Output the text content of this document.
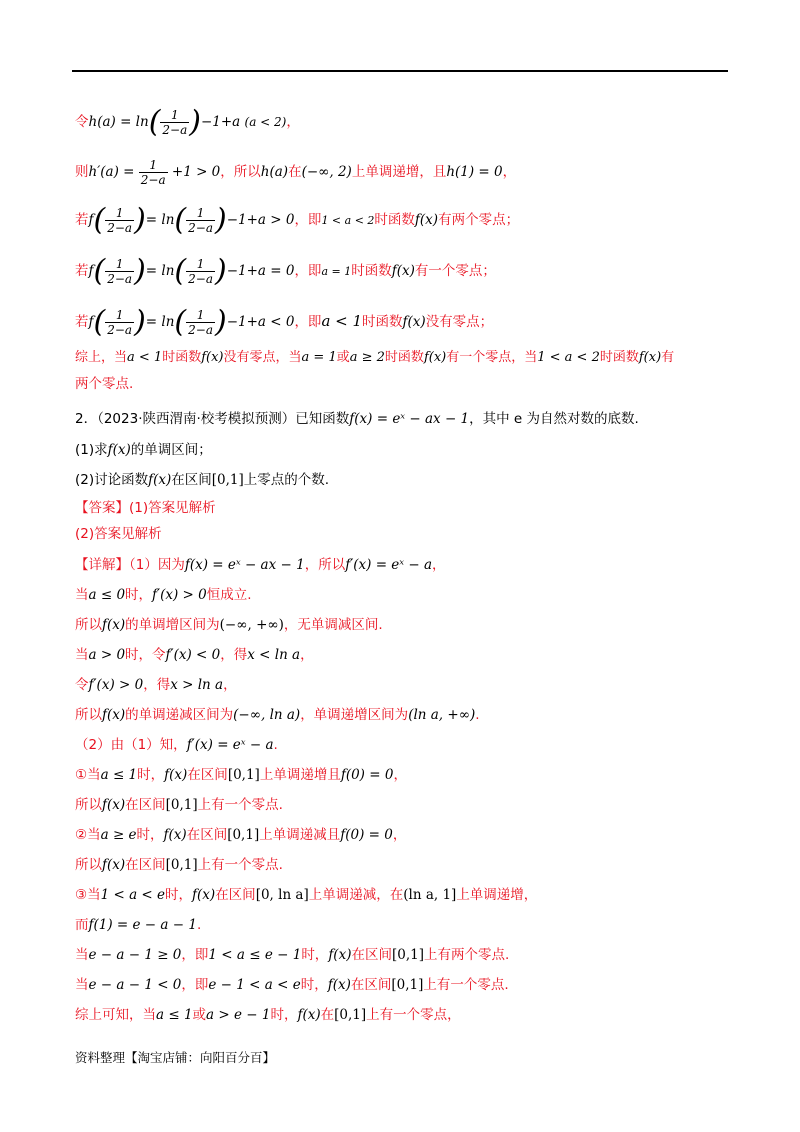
令$h(a) = \ln( \frac{1}{2-a} )-1+a$ (a < 2)，
则$h'(a) = \frac{1}{2-a} +1 > 0$，所以h(a)在(−∞, 2)上单调递增，且h(1) = 0，
若$f( \frac{1}{2-a}$ )= $\ln( \frac{1}{2-a} )-1+a > 0$，即1 < a < 2时函数f(x)有两个零点；
若$f( \frac{1}{2-a}$ )= $\ln( \frac{1}{2-a} )-1+a = 0$，即a = 1时函数f(x)有一个零点；
若$f( \frac{1}{2-a}$ )= $\ln( \frac{1}{2-a} )-1+a < 0$，即a < 1时函数f(x)没有零点；
综上，当a < 1时函数f(x)没有零点，当a = 1或a ≥ 2时函数f(x)有一个零点，当1 < a < 2时函数f(x)有
两个零点.
2．（2023·陕西渭南·校考模拟预测）已知函数f(x) = eˣ − ax − 1，其中 e 为自然对数的底数.
(1)求f(x)的单调区间；
(2)讨论函数f(x)在区间[0,1]上零点的个数.
【答案】(1)答案见解析
(2)答案见解析
【详解】（1）因为f(x) = eˣ − ax − 1，所以f′(x) = eˣ − a，
当a ≤ 0时，f′(x) > 0恒成立.
所以f(x)的单调增区间为(−∞, +∞)，无单调减区间.
当a > 0时，令f′(x) < 0，得x < ln a，
令f′(x) > 0，得x > ln a，
所以f(x)的单调递减区间为(−∞, ln a)，单调递增区间为(ln a, +∞).
（2）由（1）知，f′(x) = eˣ − a.
①当a ≤ 1时，f(x)在区间[0,1]上单调递增且f(0) = 0，
所以f(x)在区间[0,1]上有一个零点.
②当a ≥ e时，f(x)在区间[0,1]上单调递减且f(0) = 0，
所以f(x)在区间[0,1]上有一个零点.
③当1 < a < e时，f(x)在区间[0, ln a]上单调递减，在(ln a, 1]上单调递增，
而f(1) = e − a − 1.
当e − a − 1 ≥ 0，即1 < a ≤ e − 1时，f(x)在区间[0,1]上有两个零点.
当e − a − 1 < 0，即e − 1 < a < e时，f(x)在区间[0,1]上有一个零点.
综上可知，当a ≤ 1或a > e − 1时，f(x)在[0,1]上有一个零点，
资料整理【淘宝店铺：向阳百分百】
